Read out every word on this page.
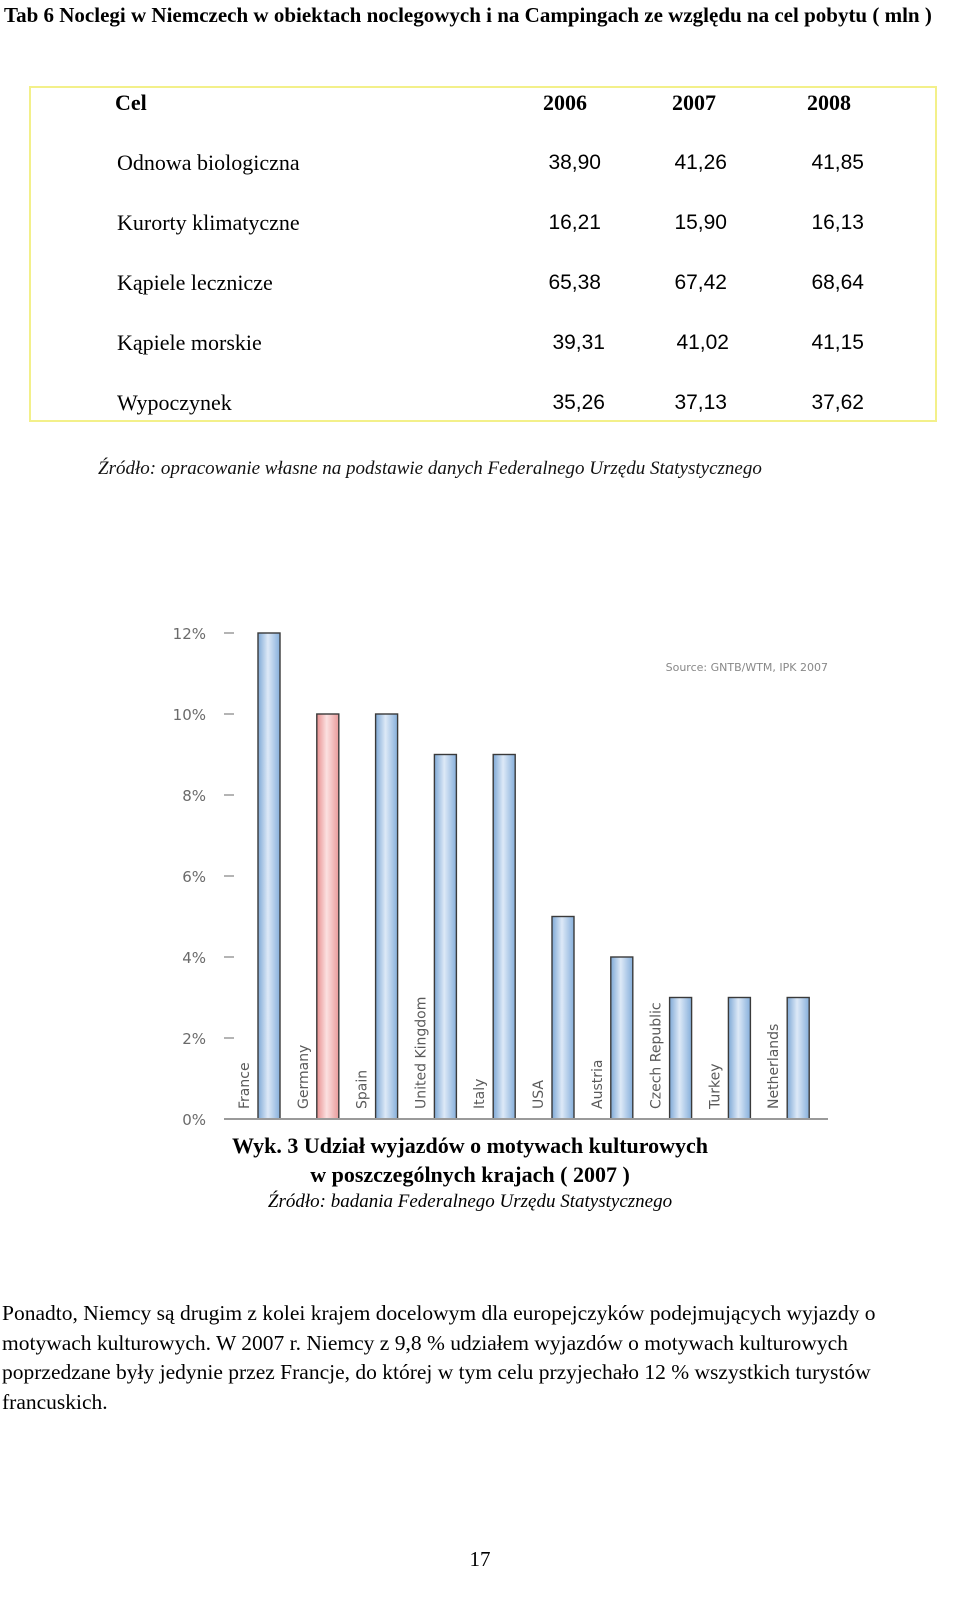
Tab 6 Noclegi w Niemczech w obiektach noclegowych i na Campingach ze względu na cel pobytu ( mln )
Cel	2006	2007	2008
Odnowa biologiczna	38,90	41,26	41,85
Kurorty klimatyczne	16,21	15,90	16,13
Kąpiele lecznicze	65,38	67,42	68,64
Kąpiele morskie	39,31	41,02	41,15
Wypoczynek	35,26	37,13	37,62
Źródło: opracowanie własne na podstawie danych Federalnego Urzędu Statystycznego
0%
2%
4%
6%
8%
10%
12%
France	Germany	Spain	United Kingdom	Italy	USA	Austria	Czech Republic	Turkey	Netherlands
Source: GNTB/WTM, IPK 2007

Wyk. 3 Udział wyjazdów o motywach kulturowych

w poszczególnych krajach ( 2007 )

Źródło: badania Federalnego Urzędu Statystycznego

Ponadto, Niemcy są drugim z kolei krajem docelowym dla europejczyków podejmujących wyjazdy o motywach kulturowych. W 2007 r. Niemcy z 9,8 % udziałem wyjazdów o motywach kulturowych poprzedzane były jedynie przez Francje, do której w tym celu przyjechało 12 % wszystkich turystów francuskich.

17
